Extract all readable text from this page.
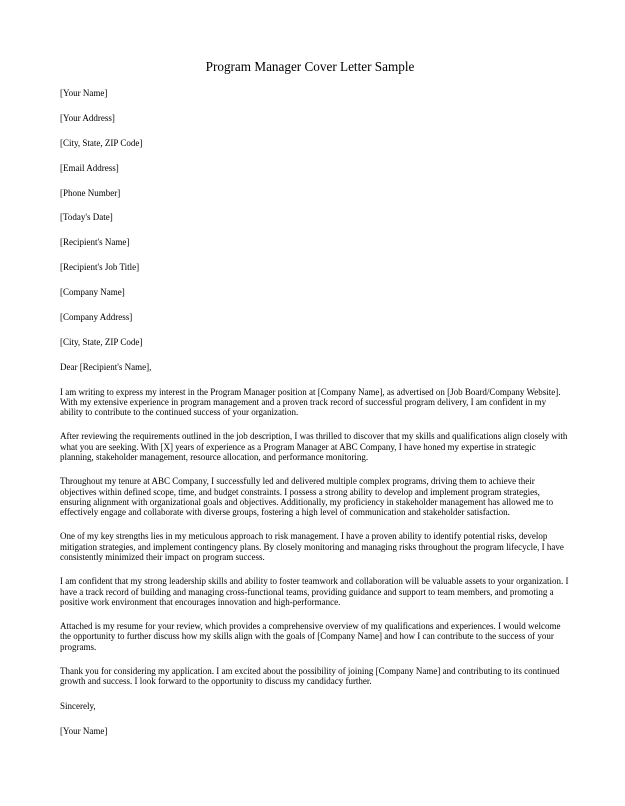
Program Manager Cover Letter Sample
[Your Name]
[Your Address]
[City, State, ZIP Code]
[Email Address]
[Phone Number]
[Today's Date]
[Recipient's Name]
[Recipient's Job Title]
[Company Name]
[Company Address]
[City, State, ZIP Code]
Dear [Recipient's Name],

I am writing to express my interest in the Program Manager position at [Company Name], as advertised on [Job Board/Company Website]. With my extensive experience in program management and a proven track record of successful program delivery, I am confident in my ability to contribute to the continued success of your organization.

After reviewing the requirements outlined in the job description, I was thrilled to discover that my skills and qualifications align closely with what you are seeking. With [X] years of experience as a Program Manager at ABC Company, I have honed my expertise in strategic planning, stakeholder management, resource allocation, and performance monitoring.

Throughout my tenure at ABC Company, I successfully led and delivered multiple complex programs, driving them to achieve their objectives within defined scope, time, and budget constraints. I possess a strong ability to develop and implement program strategies, ensuring alignment with organizational goals and objectives. Additionally, my proficiency in stakeholder management has allowed me to effectively engage and collaborate with diverse groups, fostering a high level of communication and stakeholder satisfaction.

One of my key strengths lies in my meticulous approach to risk management. I have a proven ability to identify potential risks, develop mitigation strategies, and implement contingency plans. By closely monitoring and managing risks throughout the program lifecycle, I have consistently minimized their impact on program success.

I am confident that my strong leadership skills and ability to foster teamwork and collaboration will be valuable assets to your organization. I have a track record of building and managing cross-functional teams, providing guidance and support to team members, and promoting a positive work environment that encourages innovation and high-performance.

Attached is my resume for your review, which provides a comprehensive overview of my qualifications and experiences. I would welcome the opportunity to further discuss how my skills align with the goals of [Company Name] and how I can contribute to the success of your programs.

Thank you for considering my application. I am excited about the possibility of joining [Company Name] and contributing to its continued growth and success. I look forward to the opportunity to discuss my candidacy further.

Sincerely,
[Your Name]
